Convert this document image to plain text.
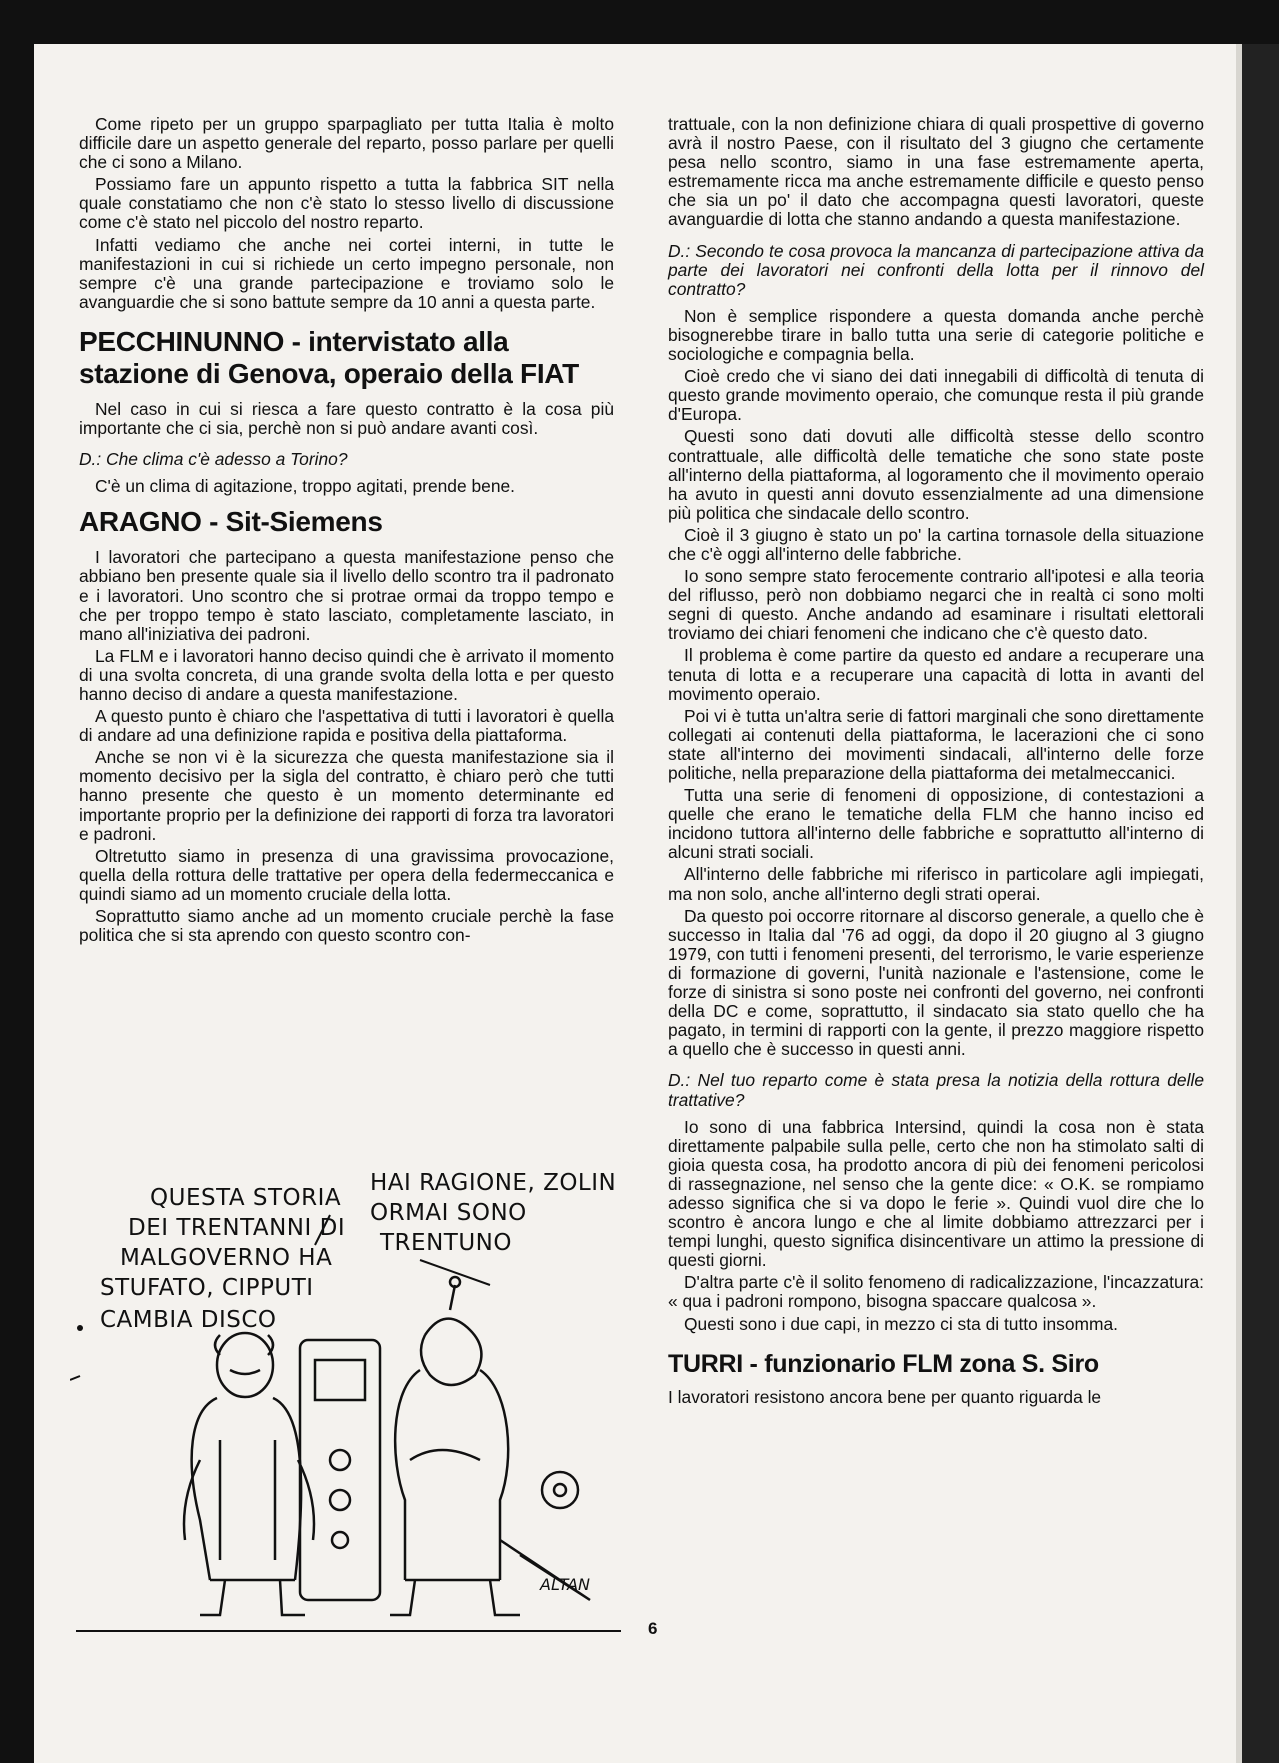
Come ripeto per un gruppo sparpagliato per tutta Italia è molto difficile dare un aspetto generale del reparto, posso parlare per quelli che ci sono a Milano.

Possiamo fare un appunto rispetto a tutta la fabbrica SIT nella quale constatiamo che non c'è stato lo stesso livello di discussione come c'è stato nel piccolo del nostro reparto.

Infatti vediamo che anche nei cortei interni, in tutte le manifestazioni in cui si richiede un certo impegno personale, non sempre c'è una grande partecipazione e troviamo solo le avanguardie che si sono battute sempre da 10 anni a questa parte.

PECCHINUNNO - intervistato alla stazione di Genova, operaio della FIAT

Nel caso in cui si riesca a fare questo contratto è la cosa più importante che ci sia, perchè non si può andare avanti così.

D.: Che clima c'è adesso a Torino?

C'è un clima di agitazione, troppo agitati, prende bene.

ARAGNO - Sit-Siemens

I lavoratori che partecipano a questa manifestazione penso che abbiano ben presente quale sia il livello dello scontro tra il padronato e i lavoratori. Uno scontro che si protrae ormai da troppo tempo e che per troppo tempo è stato lasciato, completamente lasciato, in mano all'iniziativa dei padroni.

La FLM e i lavoratori hanno deciso quindi che è arrivato il momento di una svolta concreta, di una grande svolta della lotta e per questo hanno deciso di andare a questa manifestazione.

A questo punto è chiaro che l'aspettativa di tutti i lavoratori è quella di andare ad una definizione rapida e positiva della piattaforma.

Anche se non vi è la sicurezza che questa manifestazione sia il momento decisivo per la sigla del contratto, è chiaro però che tutti hanno presente che questo è un momento determinante ed importante proprio per la definizione dei rapporti di forza tra lavoratori e padroni.

Oltretutto siamo in presenza di una gravissima provocazione, quella della rottura delle trattative per opera della federmeccanica e quindi siamo ad un momento cruciale della lotta.

Soprattutto siamo anche ad un momento cruciale perchè la fase politica che si sta aprendo con questo scontro con-

QUESTA STORIA
DEI TRENTANNI DI
MALGOVERNO HA
STUFATO, CIPPUTI
CAMBIA DISCO
HAI RAGIONE, ZOLIN
ORMAI SONO
TRENTUNO
ALTAN
6

trattuale, con la non definizione chiara di quali prospettive di governo avrà il nostro Paese, con il risultato del 3 giugno che certamente pesa nello scontro, siamo in una fase estremamente aperta, estremamente ricca ma anche estremamente difficile e questo penso che sia un po' il dato che accompagna questi lavoratori, queste avanguardie di lotta che stanno andando a questa manifestazione.

D.: Secondo te cosa provoca la mancanza di partecipazione attiva da parte dei lavoratori nei confronti della lotta per il rinnovo del contratto?

Non è semplice rispondere a questa domanda anche perchè bisognerebbe tirare in ballo tutta una serie di categorie politiche e sociologiche e compagnia bella.

Cioè credo che vi siano dei dati innegabili di difficoltà di tenuta di questo grande movimento operaio, che comunque resta il più grande d'Europa.

Questi sono dati dovuti alle difficoltà stesse dello scontro contrattuale, alle difficoltà delle tematiche che sono state poste all'interno della piattaforma, al logoramento che il movimento operaio ha avuto in questi anni dovuto essenzialmente ad una dimensione più politica che sindacale dello scontro.

Cioè il 3 giugno è stato un po' la cartina tornasole della situazione che c'è oggi all'interno delle fabbriche.

Io sono sempre stato ferocemente contrario all'ipotesi e alla teoria del riflusso, però non dobbiamo negarci che in realtà ci sono molti segni di questo. Anche andando ad esaminare i risultati elettorali troviamo dei chiari fenomeni che indicano che c'è questo dato.

Il problema è come partire da questo ed andare a recuperare una tenuta di lotta e a recuperare una capacità di lotta in avanti del movimento operaio.

Poi vi è tutta un'altra serie di fattori marginali che sono direttamente collegati ai contenuti della piattaforma, le lacerazioni che ci sono state all'interno dei movimenti sindacali, all'interno delle forze politiche, nella preparazione della piattaforma dei metalmeccanici.

Tutta una serie di fenomeni di opposizione, di contestazioni a quelle che erano le tematiche della FLM che hanno inciso ed incidono tuttora all'interno delle fabbriche e soprattutto all'interno di alcuni strati sociali.

All'interno delle fabbriche mi riferisco in particolare agli impiegati, ma non solo, anche all'interno degli strati operai.

Da questo poi occorre ritornare al discorso generale, a quello che è successo in Italia dal '76 ad oggi, da dopo il 20 giugno al 3 giugno 1979, con tutti i fenomeni presenti, del terrorismo, le varie esperienze di formazione di governi, l'unità nazionale e l'astensione, come le forze di sinistra si sono poste nei confronti del governo, nei confronti della DC e come, soprattutto, il sindacato sia stato quello che ha pagato, in termini di rapporti con la gente, il prezzo maggiore rispetto a quello che è successo in questi anni.

D.: Nel tuo reparto come è stata presa la notizia della rottura delle trattative?

Io sono di una fabbrica Intersind, quindi la cosa non è stata direttamente palpabile sulla pelle, certo che non ha stimolato salti di gioia questa cosa, ha prodotto ancora di più dei fenomeni pericolosi di rassegnazione, nel senso che la gente dice: « O.K. se rompiamo adesso significa che si va dopo le ferie ». Quindi vuol dire che lo scontro è ancora lungo e che al limite dobbiamo attrezzarci per i tempi lunghi, questo significa disincentivare un attimo la pressione di questi giorni.

D'altra parte c'è il solito fenomeno di radicalizzazione, l'incazzatura: « qua i padroni rompono, bisogna spaccare qualcosa ».

Questi sono i due capi, in mezzo ci sta di tutto insomma.

TURRI - funzionario FLM zona S. Siro

I lavoratori resistono ancora bene per quanto riguarda le
